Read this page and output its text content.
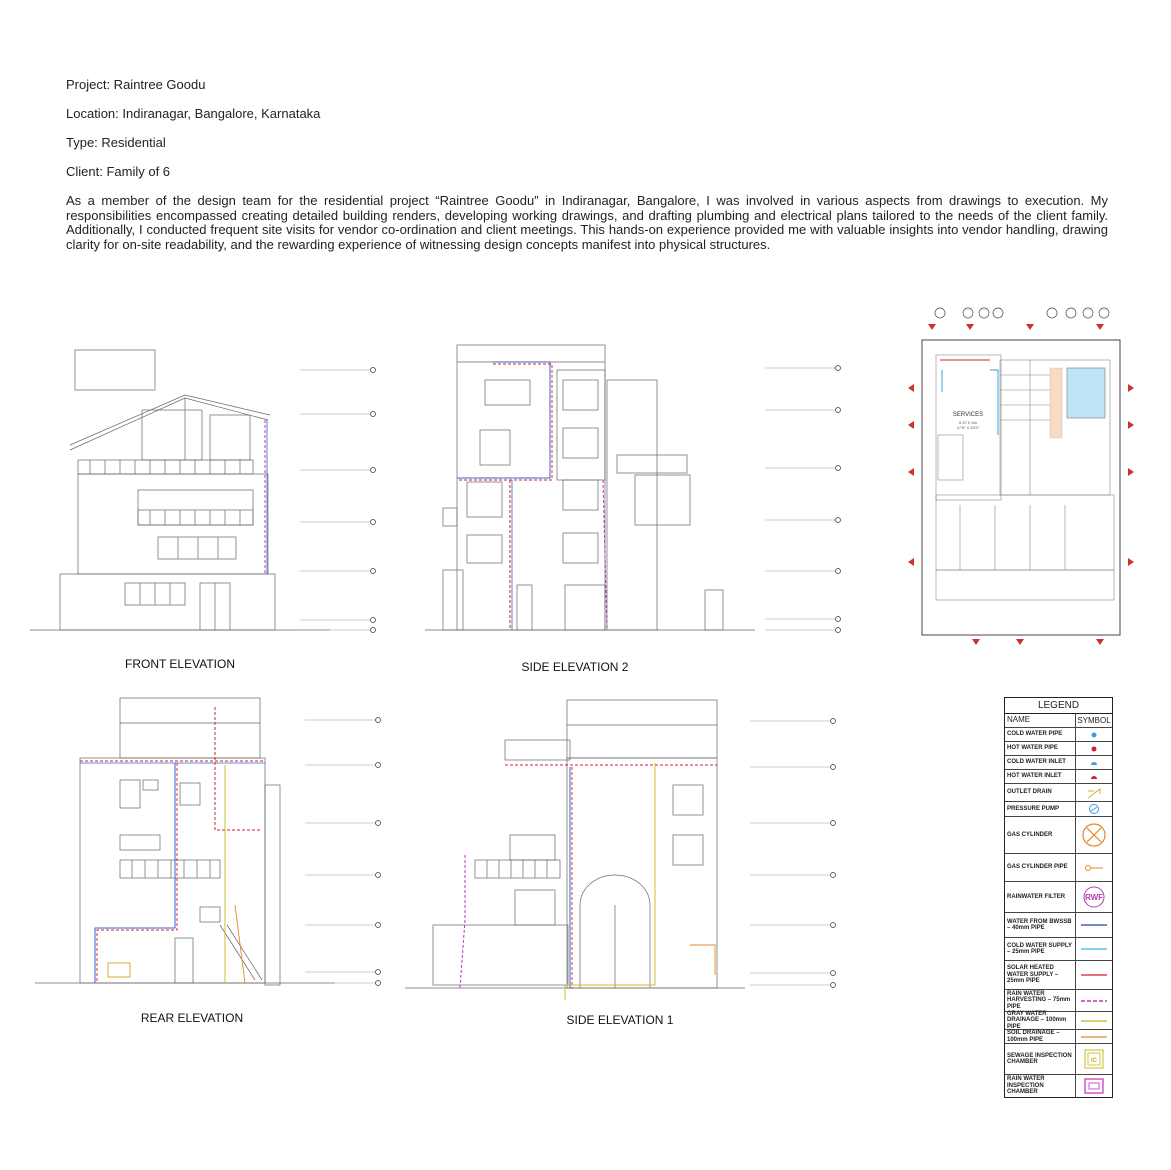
Project: Raintree Goodu
Location: Indiranagar, Bangalore, Karnataka
Type: Residential
Client: Family of 6
As a member of the design team for the residential project “Raintree Goodu” in Indiranagar, Bangalore, I was involved in various aspects from drawings to execution. My responsibilities encompassed creating detailed building renders, developing working drawings, and drafting plumbing and electrical plans tailored to the needs of the client family. Additionally, I conducted frequent site visits for vendor co-ordination and client meetings. This hands-on experience provided me with valuable insights into vendor handling, drawing clarity for on-site readability, and the rewarding experience of witnessing design concepts manifest into physical structures.
FRONT ELEVATION	SIDE ELEVATION 2
SERVICES
5.37 X 6m
17'8" X 20'0"
REAR ELEVATION	SIDE ELEVATION 1
LEGEND
NAME	SYMBOL
COLD WATER PIPE
HOT WATER PIPE
COLD WATER INLET
HOT WATER INLET
OUTLET DRAIN
PRESSURE PUMP
GAS CYLINDER
GAS CYLINDER PIPE
RAINWATER FILTER	RWF
WATER FROM BWSSB – 40mm PIPE
COLD WATER SUPPLY – 25mm PIPE
SOLAR HEATED WATER SUPPLY – 25mm PIPE
RAIN WATER HARVESTING – 75mm PIPE
GRAY WATER DRAINAGE – 100mm PIPE
SOIL DRAINAGE – 100mm PIPE
SEWAGE INSPECTION CHAMBER	IC
RAIN WATER INSPECTION CHAMBER
